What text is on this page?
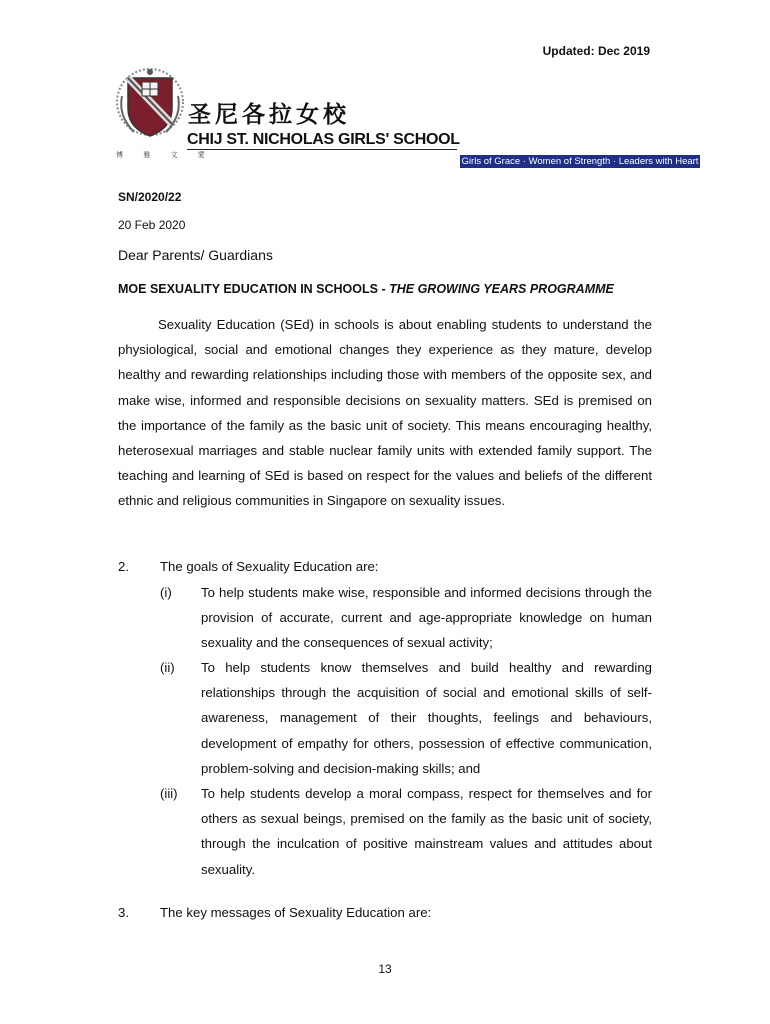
Updated: Dec 2019
博 雅 文 愛
圣尼各拉女校
CHIJ ST. NICHOLAS GIRLS' SCHOOL
Girls of Grace · Women of Strength · Leaders with Heart
SN/2020/22
20 Feb 2020
Dear Parents/ Guardians
MOE SEXUALITY EDUCATION IN SCHOOLS - THE GROWING YEARS PROGRAMME
Sexuality Education (SEd) in schools is about enabling students to understand the physiological, social and emotional changes they experience as they mature, develop healthy and rewarding relationships including those with members of the opposite sex, and make wise, informed and responsible decisions on sexuality matters. SEd is premised on the importance of the family as the basic unit of society. This means encouraging healthy, heterosexual marriages and stable nuclear family units with extended family support. The teaching and learning of SEd is based on respect for the values and beliefs of the different ethnic and religious communities in Singapore on sexuality issues.
2. The goals of Sexuality Education are:
(i) To help students make wise, responsible and informed decisions through the provision of accurate, current and age-appropriate knowledge on human sexuality and the consequences of sexual activity;
(ii) To help students know themselves and build healthy and rewarding relationships through the acquisition of social and emotional skills of self-awareness, management of their thoughts, feelings and behaviours, development of empathy for others, possession of effective communication, problem-solving and decision-making skills; and
(iii) To help students develop a moral compass, respect for themselves and for others as sexual beings, premised on the family as the basic unit of society, through the inculcation of positive mainstream values and attitudes about sexuality.
3. The key messages of Sexuality Education are:
13
